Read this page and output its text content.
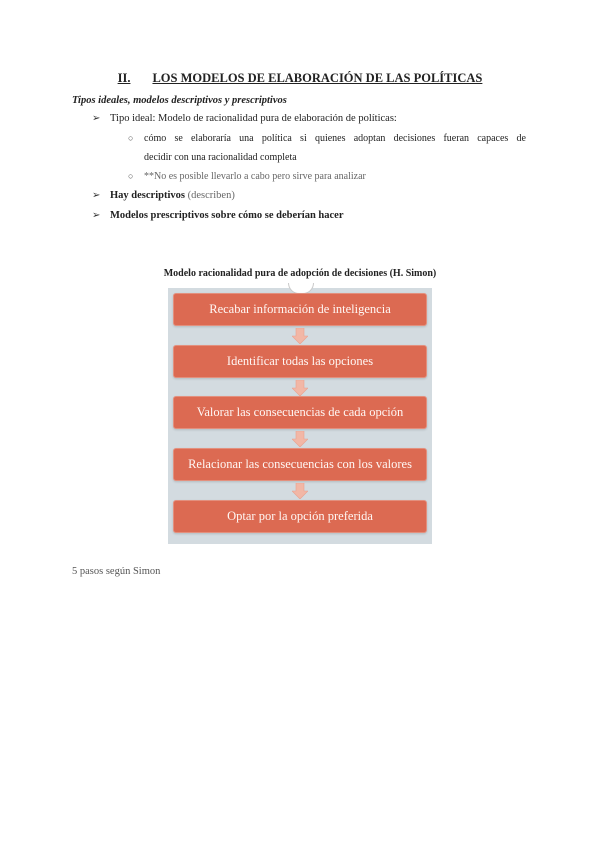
II. LOS MODELOS DE ELABORACIÓN DE LAS POLÍTICAS
Tipos ideales, modelos descriptivos y prescriptivos
➢ Tipo ideal: Modelo de racionalidad pura de elaboración de políticas:
○ cómo se elaboraría una política si quienes adoptan decisiones fueran capaces de
decidir con una racionalidad completa
○ **No es posible llevarlo a cabo pero sirve para analizar
➢ Hay descriptivos (describen)
➢ Modelos prescriptivos sobre cómo se deberían hacer
Modelo racionalidad pura de adopción de decisiones (H. Simon)
Recabar información de inteligencia
Identificar todas las opciones
Valorar las consecuencias de cada opción
Relacionar las consecuencias con los valores
Optar por la opción preferida
5 pasos según Simon
